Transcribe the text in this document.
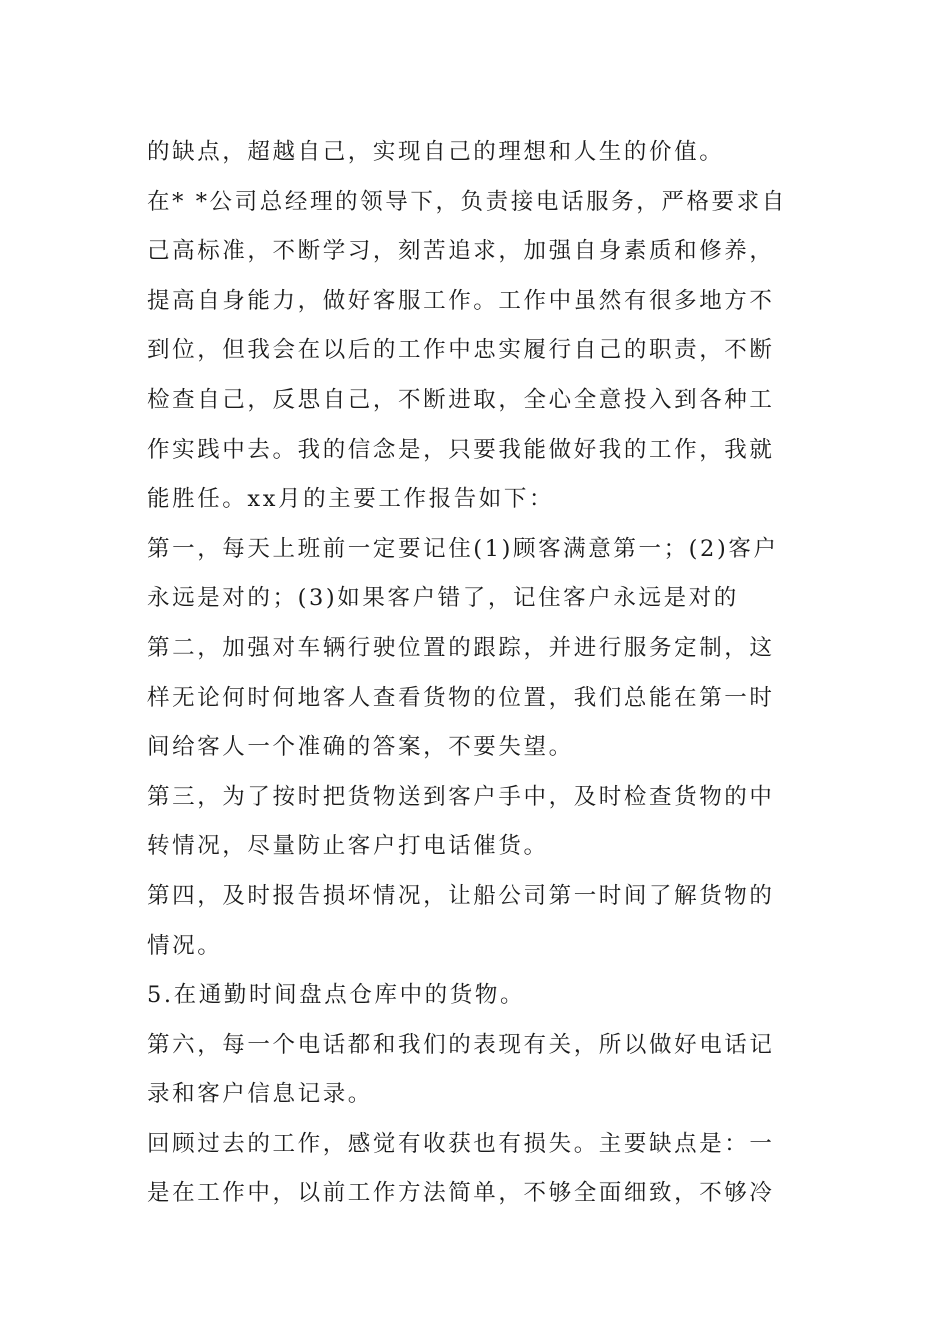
的缺点，超越自己，实现自己的理想和人生的价值。
在* *公司总经理的领导下，负责接电话服务，严格要求自
己高标准，不断学习，刻苦追求，加强自身素质和修养，
提高自身能力，做好客服工作。工作中虽然有很多地方不
到位，但我会在以后的工作中忠实履行自己的职责，不断
检查自己，反思自己，不断进取，全心全意投入到各种工
作实践中去。我的信念是，只要我能做好我的工作，我就
能胜任。xx月的主要工作报告如下：
第一，每天上班前一定要记住(1)顾客满意第一；(2)客户
永远是对的；(3)如果客户错了，记住客户永远是对的
第二，加强对车辆行驶位置的跟踪，并进行服务定制，这
样无论何时何地客人查看货物的位置，我们总能在第一时
间给客人一个准确的答案，不要失望。
第三，为了按时把货物送到客户手中，及时检查货物的中
转情况，尽量防止客户打电话催货。
第四，及时报告损坏情况，让船公司第一时间了解货物的
情况。
5.在通勤时间盘点仓库中的货物。
第六，每一个电话都和我们的表现有关，所以做好电话记
录和客户信息记录。
回顾过去的工作，感觉有收获也有损失。主要缺点是：一
是在工作中，以前工作方法简单，不够全面细致，不够冷
